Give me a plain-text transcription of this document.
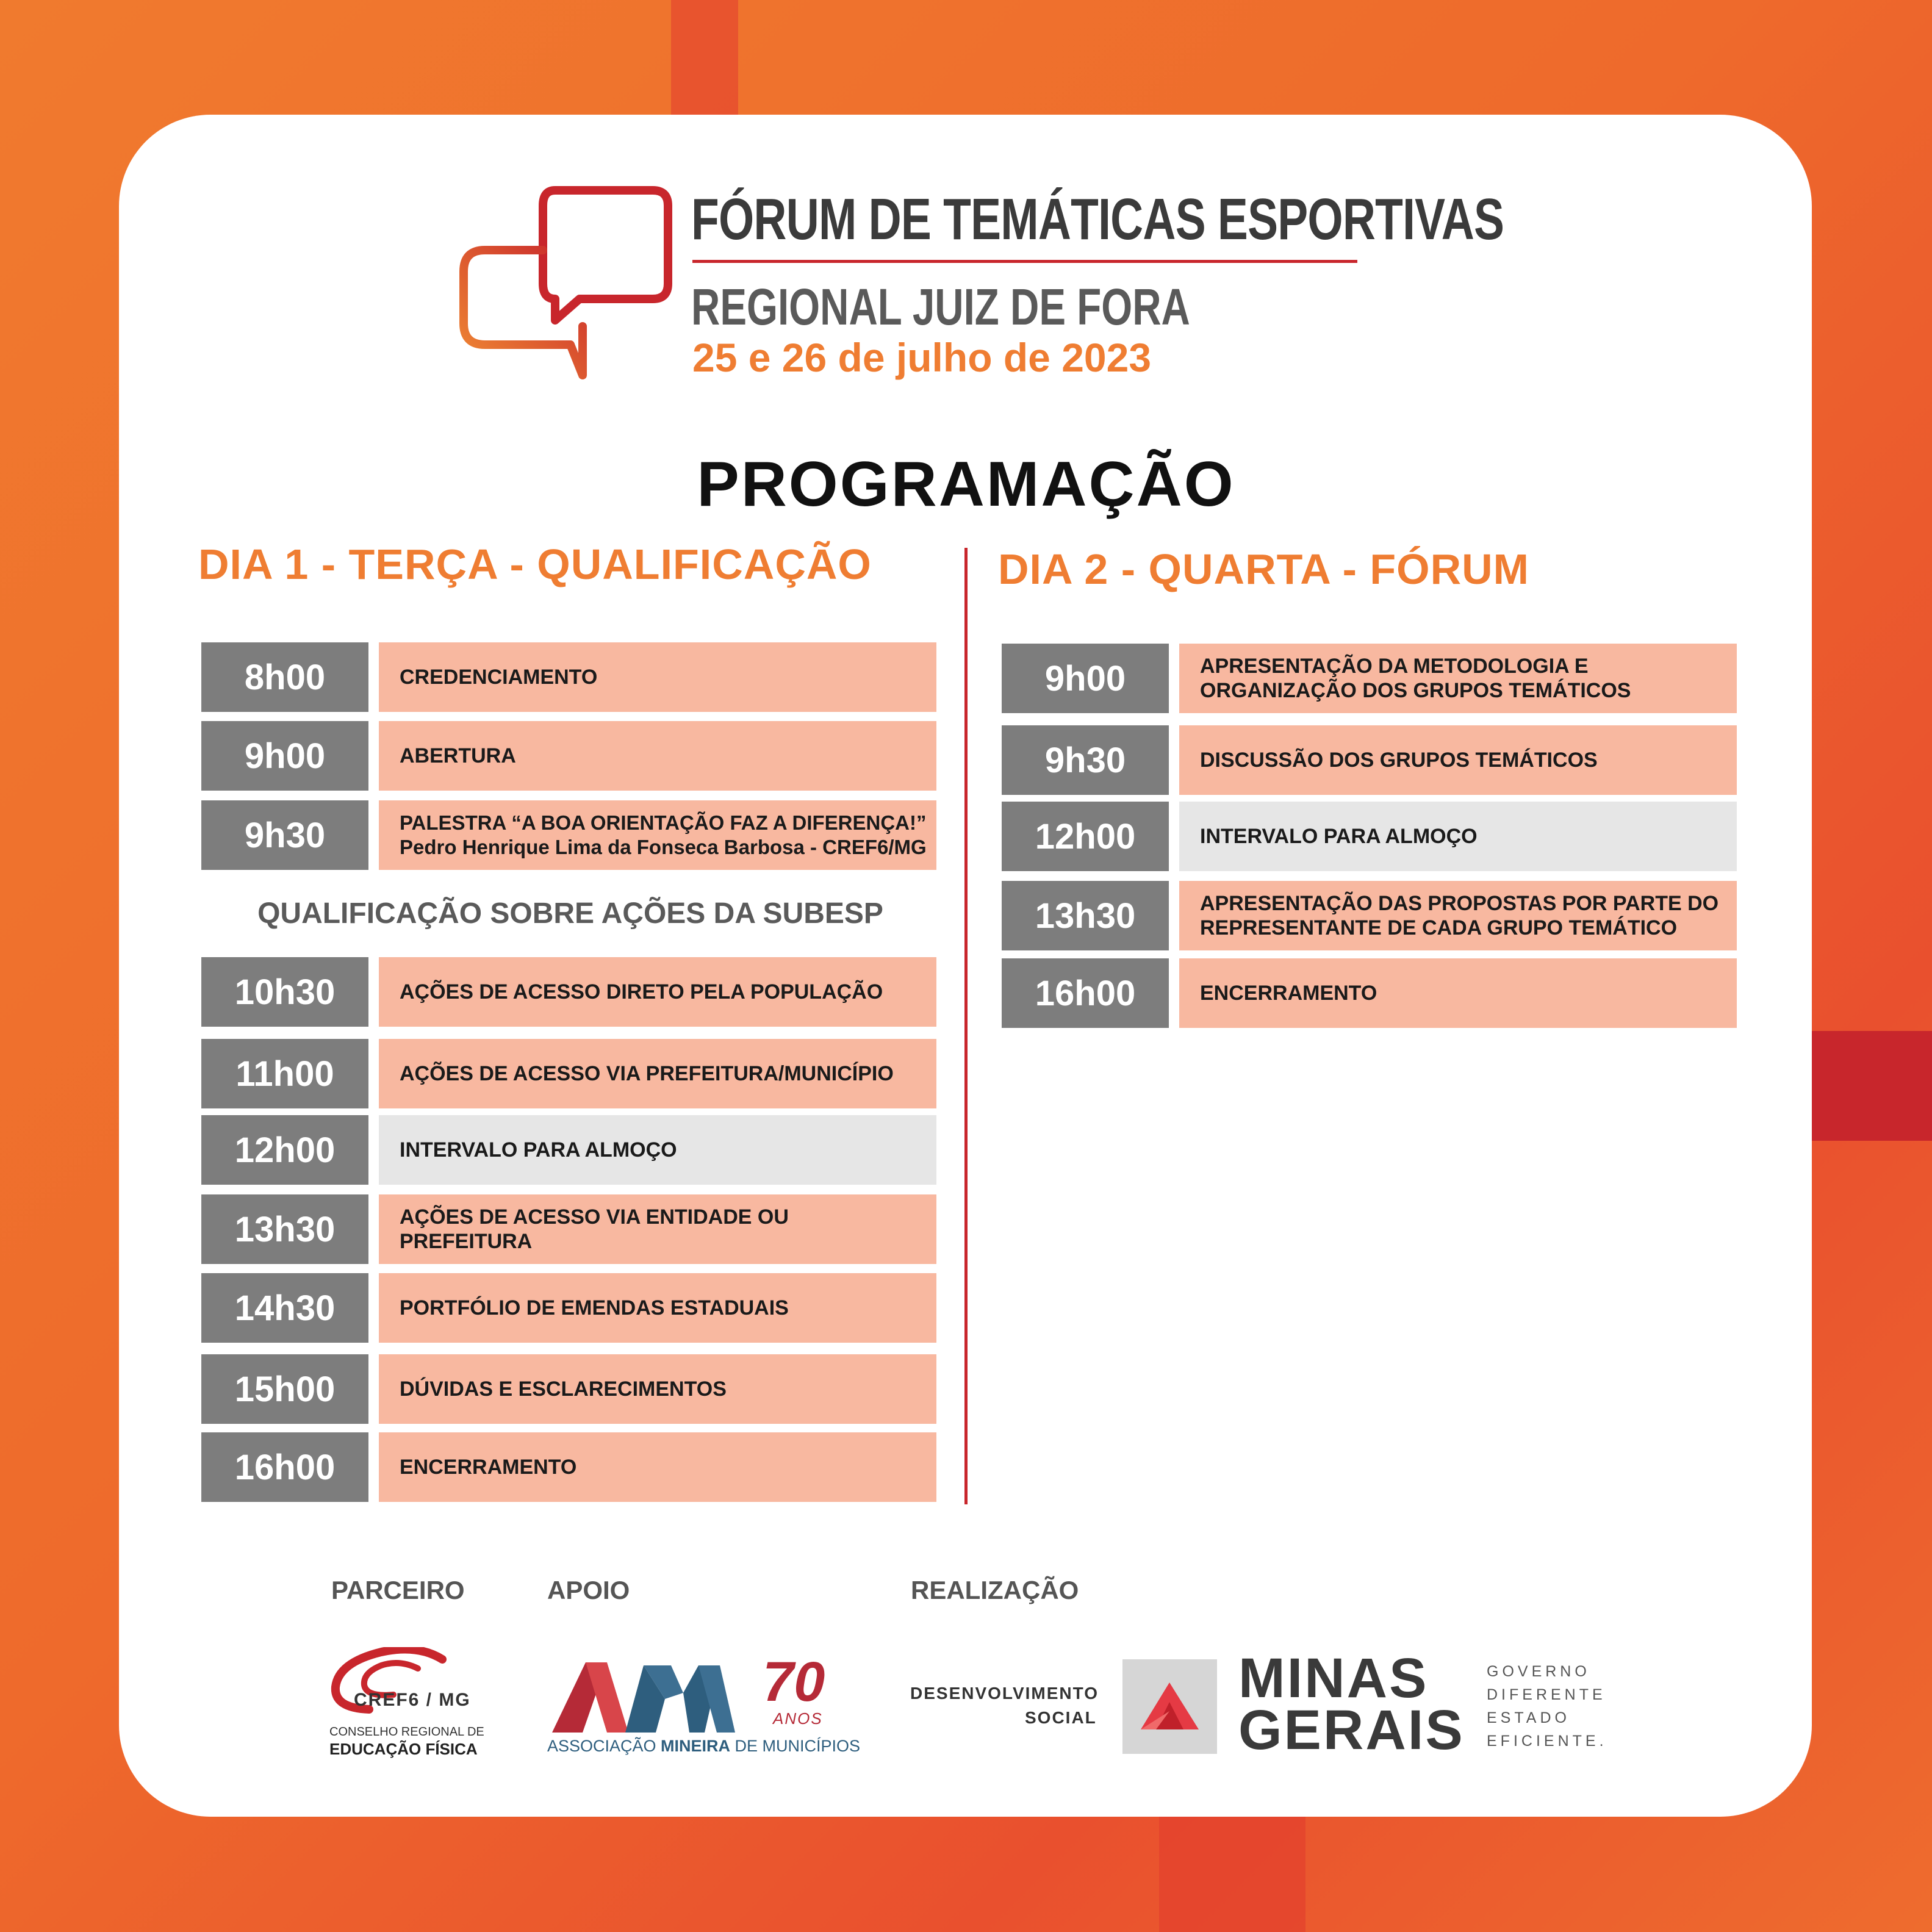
FÓRUM DE TEMÁTICAS ESPORTIVAS
REGIONAL JUIZ DE FORA
25 e 26 de julho de 2023
PROGRAMAÇÃO
DIA 1 - TERÇA - QUALIFICAÇÃO	DIA 2 - QUARTA - FÓRUM
8h00	CREDENCIAMENTO
9h00	ABERTURA
9h30	PALESTRA “A BOA ORIENTAÇÃO FAZ A DIFERENÇA!”
Pedro Henrique Lima da Fonseca Barbosa - CREF6/MG
QUALIFICAÇÃO SOBRE AÇÕES DA SUBESP
10h30	AÇÕES DE ACESSO DIRETO PELA POPULAÇÃO
11h00	AÇÕES DE ACESSO VIA PREFEITURA/MUNICÍPIO
12h00	INTERVALO PARA ALMOÇO
13h30	AÇÕES DE ACESSO VIA ENTIDADE OU
PREFEITURA
14h30	PORTFÓLIO DE EMENDAS ESTADUAIS
15h00	DÚVIDAS E ESCLARECIMENTOS
16h00	ENCERRAMENTO
9h00	APRESENTAÇÃO DA METODOLOGIA E
ORGANIZAÇÃO DOS GRUPOS TEMÁTICOS
9h30	DISCUSSÃO DOS GRUPOS TEMÁTICOS
12h00	INTERVALO PARA ALMOÇO
13h30	APRESENTAÇÃO DAS PROPOSTAS POR PARTE DO
REPRESENTANTE DE CADA GRUPO TEMÁTICO
16h00	ENCERRAMENTO
PARCEIRO	APOIO	REALIZAÇÃO
CREF6 / MG
CONSELHO REGIONAL DE
EDUCAÇÃO FÍSICA
70
ANOS
ASSOCIAÇÃO MINEIRA DE MUNICÍPIOS
DESENVOLVIMENTO
SOCIAL
MINAS
GERAIS
GOVERNO
DIFERENTE
ESTADO
EFICIENTE.
